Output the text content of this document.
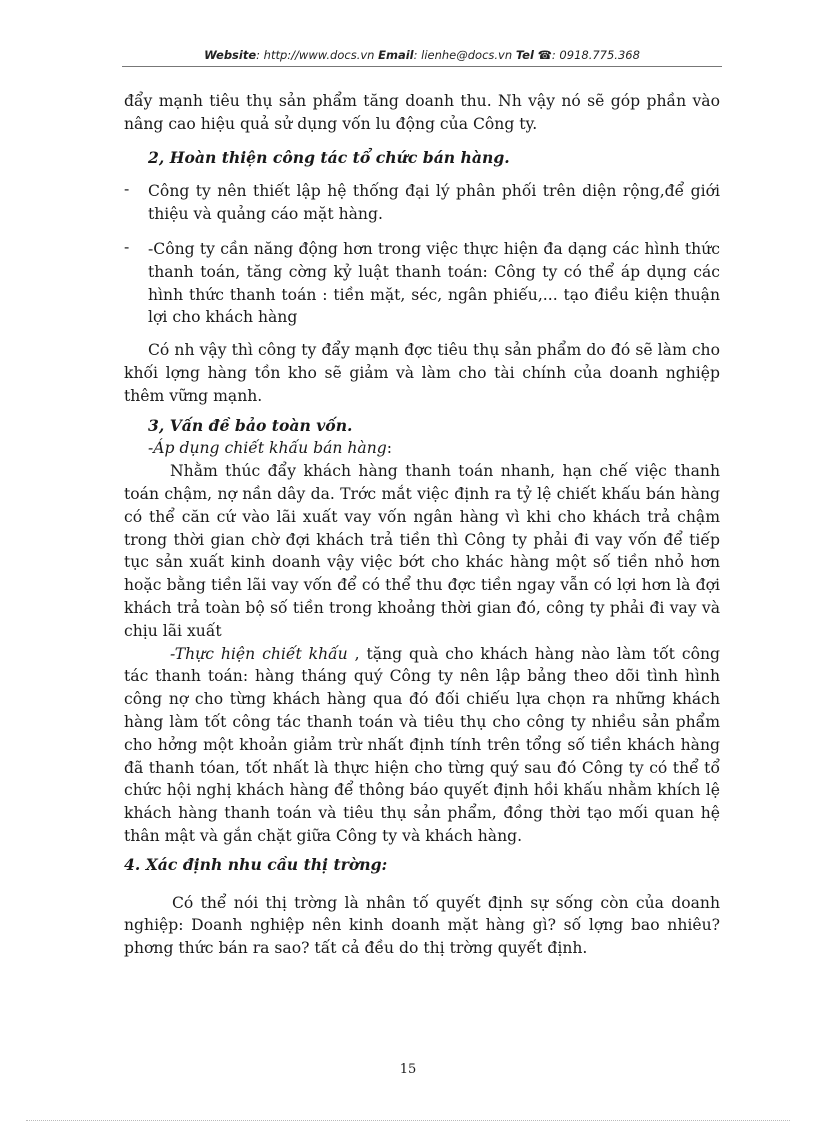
Website: http://www.docs.vn Email: lienhe@docs.vn Tel ☎: 0918.775.368

đẩy mạnh tiêu thụ sản phẩm tăng doanh thu. Nh vậy nó sẽ góp phần vào nâng cao hiệu quả sử dụng vốn lu động của Công ty.

2, Hoàn thiện công tác tổ chức bán hàng.

- Công ty nên thiết lập hệ thống đại lý phân phối trên diện rộng,để giới thiệu và quảng cáo mặt hàng.

- -Công ty cần năng động hơn trong việc thực hiện đa dạng các hình thức thanh toán, tăng cờng kỷ luật thanh toán: Công ty có thể áp dụng các hình thức thanh toán : tiền mặt, séc, ngân phiếu,... tạo điều kiện thuận lợi cho khách hàng

Có nh vậy thì công ty đẩy mạnh đợc tiêu thụ sản phẩm do đó sẽ làm cho khối lợng hàng tồn kho sẽ giảm và làm cho tài chính của doanh nghiệp thêm vững mạnh.

3, Vấn đề bảo toàn vốn.

-Áp dụng chiết khấu bán hàng:

Nhằm thúc đẩy khách hàng thanh toán nhanh, hạn chế việc thanh toán chậm, nợ nần dây da. Trớc mắt việc định ra tỷ lệ chiết khấu bán hàng có thể căn cứ vào lãi xuất vay vốn ngân hàng vì khi cho khách trả chậm trong thời gian chờ đợi khách trả tiền thì Công ty phải đi vay vốn để tiếp tục sản xuất kinh doanh vậy việc bớt cho khác hàng một số tiền nhỏ hơn hoặc bằng tiền lãi vay vốn để có thể thu đợc tiền ngay vẫn có lợi hơn là đợi khách trả toàn bộ số tiền trong khoảng thời gian đó, công ty phải đi vay và chịu lãi xuất

-Thực hiện chiết khấu , tặng quà cho khách hàng nào làm tốt công tác thanh toán: hàng tháng quý Công ty nên lập bảng theo dõi tình hình công nợ cho từng khách hàng qua đó đối chiếu lựa chọn ra những khách hàng làm tốt công tác thanh toán và tiêu thụ cho công ty nhiều sản phẩm cho hởng một khoản giảm trừ nhất định tính trên tổng số tiền khách hàng đã thanh tóan, tốt nhất là thực hiện cho từng quý sau đó Công ty có thể tổ chức hội nghị khách hàng để thông báo quyết định hồi khấu nhằm khích lệ khách hàng thanh toán và tiêu thụ sản phẩm, đồng thời tạo mối quan hệ thân mật và gắn chặt giữa Công ty và khách hàng.

4. Xác định nhu cầu thị trờng:

Có thể nói thị trờng là nhân tố quyết định sự sống còn của doanh nghiệp: Doanh nghiệp nên kinh doanh mặt hàng gì? số lợng bao nhiêu? phơng thức bán ra sao? tất cả đều do thị trờng quyết định.

15
